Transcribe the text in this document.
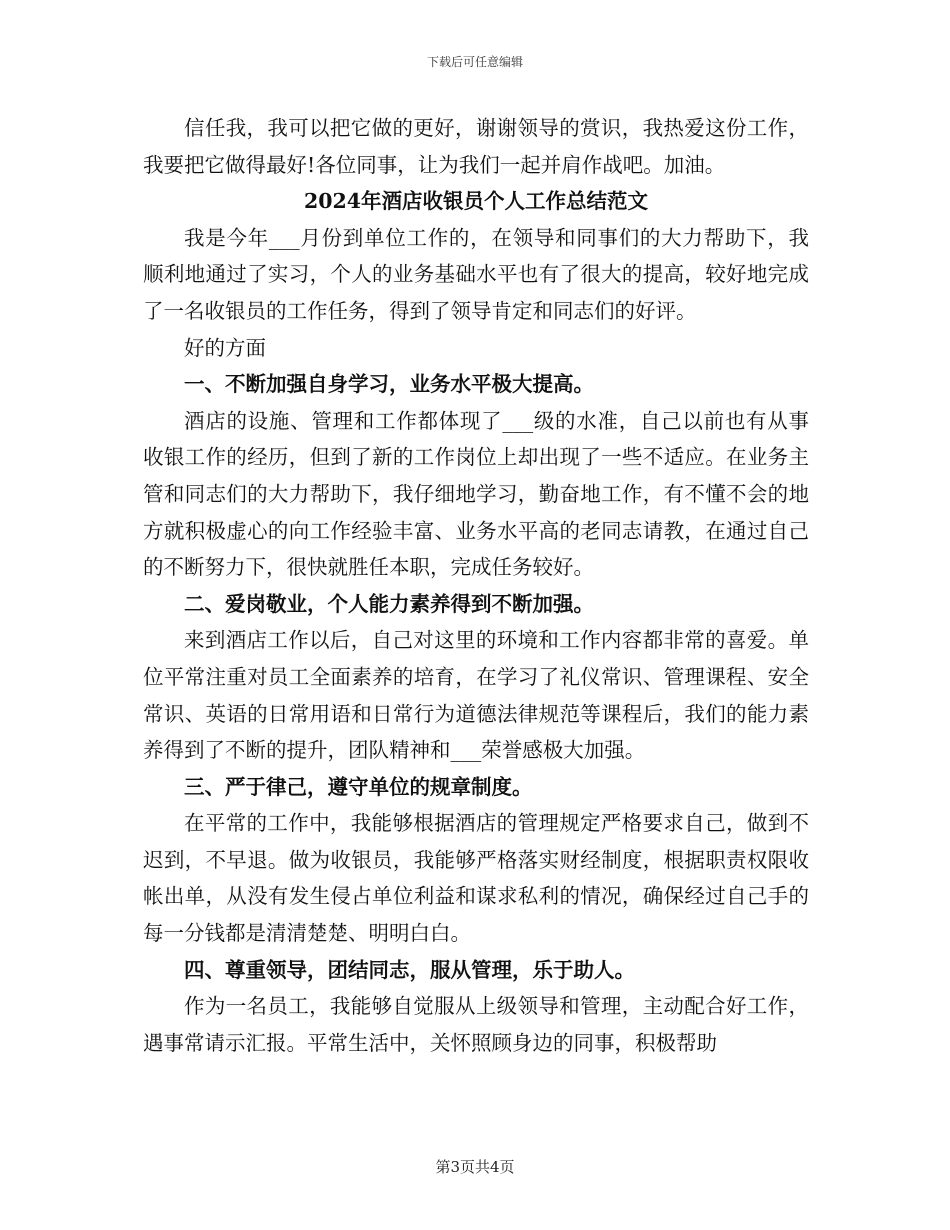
下载后可任意编辑

信任我，我可以把它做的更好，谢谢领导的赏识，我热爱这份工作，我要把它做得最好!各位同事，让为我们一起并肩作战吧。加油。

2024年酒店收银员个人工作总结范文

我是今年___月份到单位工作的，在领导和同事们的大力帮助下，我顺利地通过了实习，个人的业务基础水平也有了很大的提高，较好地完成了一名收银员的工作任务，得到了领导肯定和同志们的好评。

好的方面

一、不断加强自身学习，业务水平极大提高。

酒店的设施、管理和工作都体现了___级的水准，自己以前也有从事收银工作的经历，但到了新的工作岗位上却出现了一些不适应。在业务主管和同志们的大力帮助下，我仔细地学习，勤奋地工作，有不懂不会的地方就积极虚心的向工作经验丰富、业务水平高的老同志请教，在通过自己的不断努力下，很快就胜任本职，完成任务较好。

二、爱岗敬业，个人能力素养得到不断加强。

来到酒店工作以后，自己对这里的环境和工作内容都非常的喜爱。单位平常注重对员工全面素养的培育，在学习了礼仪常识、管理课程、安全常识、英语的日常用语和日常行为道德法律规范等课程后，我们的能力素养得到了不断的提升，团队精神和___荣誉感极大加强。

三、严于律己，遵守单位的规章制度。

在平常的工作中，我能够根据酒店的管理规定严格要求自己，做到不迟到，不早退。做为收银员，我能够严格落实财经制度，根据职责权限收帐出单，从没有发生侵占单位利益和谋求私利的情况，确保经过自己手的每一分钱都是清清楚楚、明明白白。

四、尊重领导，团结同志，服从管理，乐于助人。

作为一名员工，我能够自觉服从上级领导和管理，主动配合好工作，遇事常请示汇报。平常生活中，关怀照顾身边的同事，积极帮助

第3页共4页
